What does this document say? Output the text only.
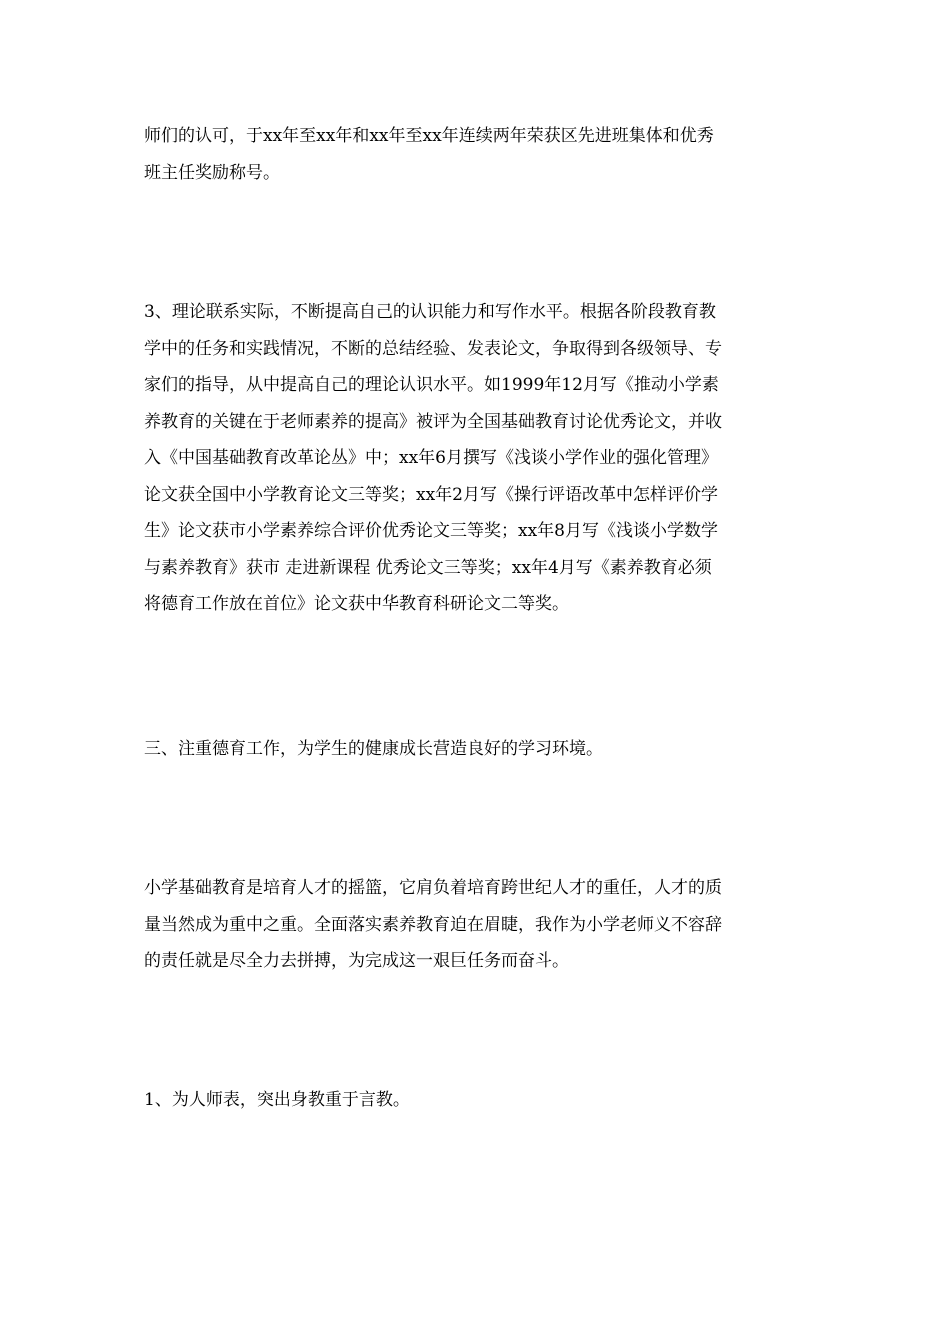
师们的认可，于xx年至xx年和xx年至xx年连续两年荣获区先进班集体和优秀
班主任奖励称号。

3、理论联系实际，不断提高自己的认识能力和写作水平。根据各阶段教育教
学中的任务和实践情况，不断的总结经验、发表论文，争取得到各级领导、专
家们的指导，从中提高自己的理论认识水平。如1999年12月写《推动小学素
养教育的关键在于老师素养的提高》被评为全国基础教育讨论优秀论文，并收
入《中国基础教育改革论丛》中；xx年6月撰写《浅谈小学作业的强化管理》
论文获全国中小学教育论文三等奖；xx年2月写《操行评语改革中怎样评价学
生》论文获市小学素养综合评价优秀论文三等奖；xx年8月写《浅谈小学数学
与素养教育》获市 走进新课程 优秀论文三等奖；xx年4月写《素养教育必须
将德育工作放在首位》论文获中华教育科研论文二等奖。

三、注重德育工作，为学生的健康成长营造良好的学习环境。

小学基础教育是培育人才的摇篮，它肩负着培育跨世纪人才的重任，人才的质
量当然成为重中之重。全面落实素养教育迫在眉睫，我作为小学老师义不容辞
的责任就是尽全力去拼搏，为完成这一艰巨任务而奋斗。

1、为人师表，突出身教重于言教。
